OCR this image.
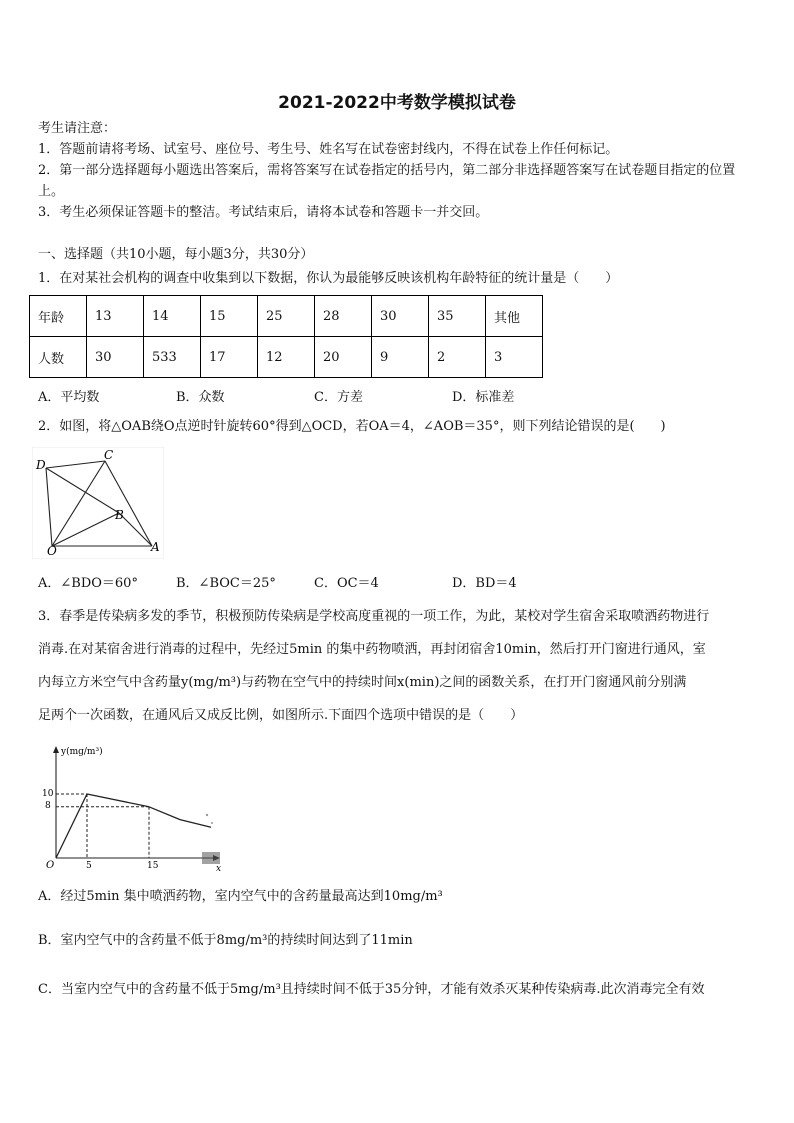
2021-2022中考数学模拟试卷
考生请注意：
1．答题前请将考场、试室号、座位号、考生号、姓名写在试卷密封线内，不得在试卷上作任何标记。
2．第一部分选择题每小题选出答案后，需将答案写在试卷指定的括号内，第二部分非选择题答案写在试卷题目指定的位置上。
3．考生必须保证答题卡的整洁。考试结束后，请将本试卷和答题卡一并交回。
一、选择题（共10小题，每小题3分，共30分）
1．在对某社会机构的调查中收集到以下数据，你认为最能够反映该机构年龄特征的统计量是（　　）
年龄	13	14	15	25	28	30	35	其他
人数	30	533	17	12	20	9	2	3
A．平均数	B．众数	C．方差	D．标准差
2．如图，将△OAB绕O点逆时针旋转60°得到△OCD，若OA＝4，∠AOB＝35°，则下列结论错误的是(　　)
D
C
B
O	A
A．∠BDO＝60°	B．∠BOC＝25°	C．OC＝4	D．BD＝4
3．春季是传染病多发的季节，积极预防传染病是学校高度重视的一项工作，为此，某校对学生宿舍采取喷洒药物进行
消毒.在对某宿舍进行消毒的过程中，先经过5min 的集中药物喷洒，再封闭宿舍10min，然后打开门窗进行通风，室
内每立方米空气中含药量y(mg/m³)与药物在空气中的持续时间x(min)之间的函数关系，在打开门窗通风前分别满
足两个一次函数，在通风后又成反比例，如图所示.下面四个选项中错误的是（　　）
y(mg/m³)
x
O
10
8
5	15
A．经过5min 集中喷洒药物，室内空气中的含药量最高达到10mg/m³
B．室内空气中的含药量不低于8mg/m³的持续时间达到了11min
C．当室内空气中的含药量不低于5mg/m³且持续时间不低于35分钟，才能有效杀灭某种传染病毒.此次消毒完全有效
